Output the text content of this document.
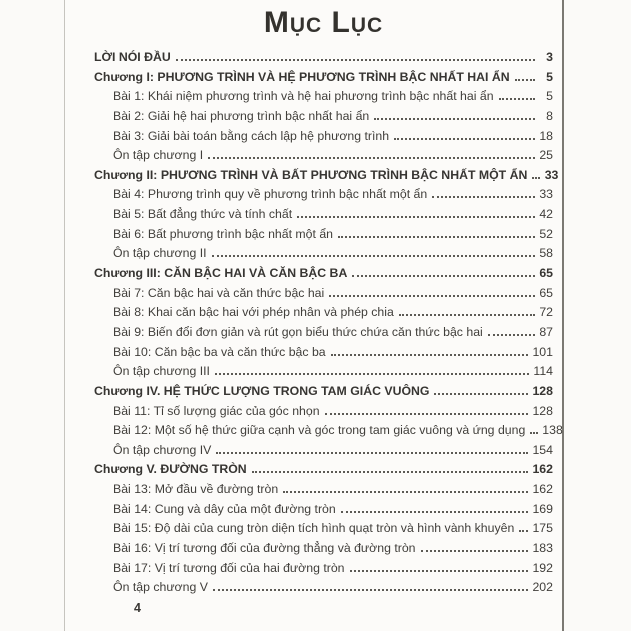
Mục Lục
LỜI NÓI ĐẦU	3
Chương I: PHƯƠNG TRÌNH VÀ HỆ PHƯƠNG TRÌNH BẬC NHẤT HAI ẨN	5
Bài 1: Khái niệm phương trình và hệ hai phương trình bậc nhất hai ẩn	5
Bài 2: Giải hệ hai phương trình bậc nhất hai ẩn	8
Bài 3: Giải bài toán bằng cách lập hệ phương trình	18
Ôn tập chương I	25
Chương II: PHƯƠNG TRÌNH VÀ BẤT PHƯƠNG TRÌNH BẬC NHẤT MỘT ẨN 33
Bài 4: Phương trình quy về phương trình bậc nhất một ẩn	33
Bài 5: Bất đẳng thức và tính chất	42
Bài 6: Bất phương trình bậc nhất một ẩn	52
Ôn tập chương II	58
Chương III: CĂN BẬC HAI VÀ CĂN BẬC BA	65
Bài 7: Căn bậc hai và căn thức bậc hai	65
Bài 8: Khai căn bậc hai với phép nhân và phép chia	72
Bài 9: Biến đổi đơn giản và rút gọn biểu thức chứa căn thức bậc hai	87
Bài 10: Căn bậc ba và căn thức bậc ba	101
Ôn tập chương III	114
Chương IV. HỆ THỨC LƯỢNG TRONG TAM GIÁC VUÔNG	128
Bài 11: Tỉ số lượng giác của góc nhọn	128
Bài 12: Một số hệ thức giữa cạnh và góc trong tam giác vuông và ứng dụng 138
Ôn tập chương IV	154
Chương V. ĐƯỜNG TRÒN	162
Bài 13: Mở đầu về đường tròn	162
Bài 14: Cung và dây của một đường tròn	169
Bài 15: Độ dài của cung tròn diện tích hình quạt tròn và hình vành khuyên 175
Bài 16: Vị trí tương đối của đường thẳng và đường tròn	183
Bài 17: Vị trí tương đối của hai đường tròn	192
Ôn tập chương V	202
4
